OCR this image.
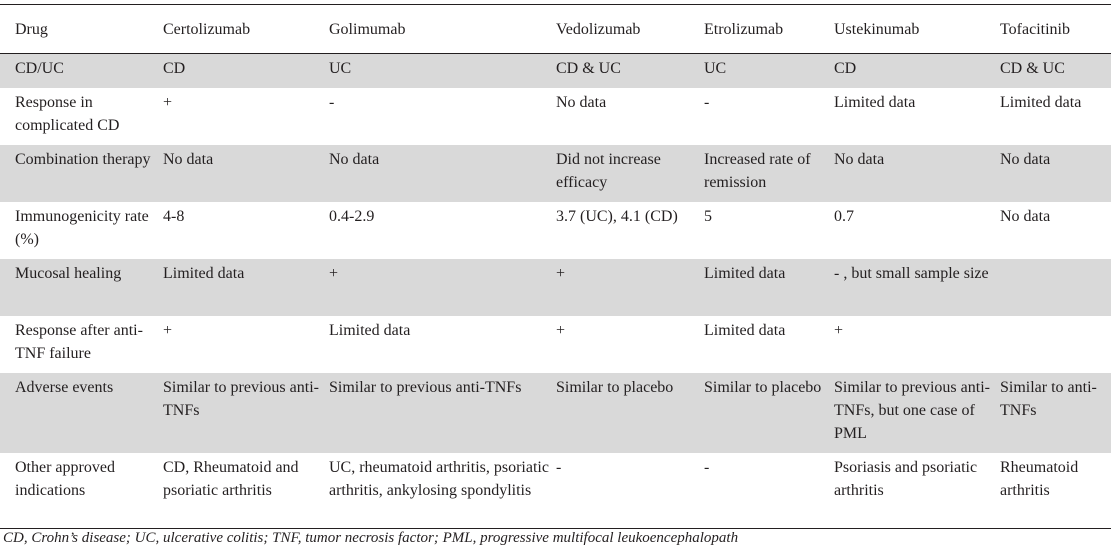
Drug	Certolizumab	Golimumab	Vedolizumab	Etrolizumab	Ustekinumab	Tofacitinib
CD/UC	CD	UC	CD & UC	UC	CD	CD & UC
Response in complicated CD	+	-	No data	-	Limited data	Limited data
Combination therapy	No data	No data	Did not increase efficacy	Increased rate of remission	No data	No data
Immunogenicity rate (%)	4-8	0.4-2.9	3.7 (UC), 4.1 (CD)	5	0.7	No data
Mucosal healing	Limited data	+	+	Limited data	- , but small sample size	
Response after anti-TNF failure	+	Limited data	+	Limited data	+	
Adverse events	Similar to previous anti-TNFs	Similar to previous anti-TNFs	Similar to placebo	Similar to placebo	Similar to previous anti-TNFs, but one case of PML	Similar to anti-TNFs
Other approved indications	CD, Rheumatoid and psoriatic arthritis	UC, rheumatoid arthritis, psoriatic arthritis, ankylosing spondylitis	-	-	Psoriasis and psoriatic arthritis	Rheumatoid arthritis
CD, Crohn’s disease; UC, ulcerative colitis; TNF, tumor necrosis factor; PML, progressive multifocal leukoencephalopath
